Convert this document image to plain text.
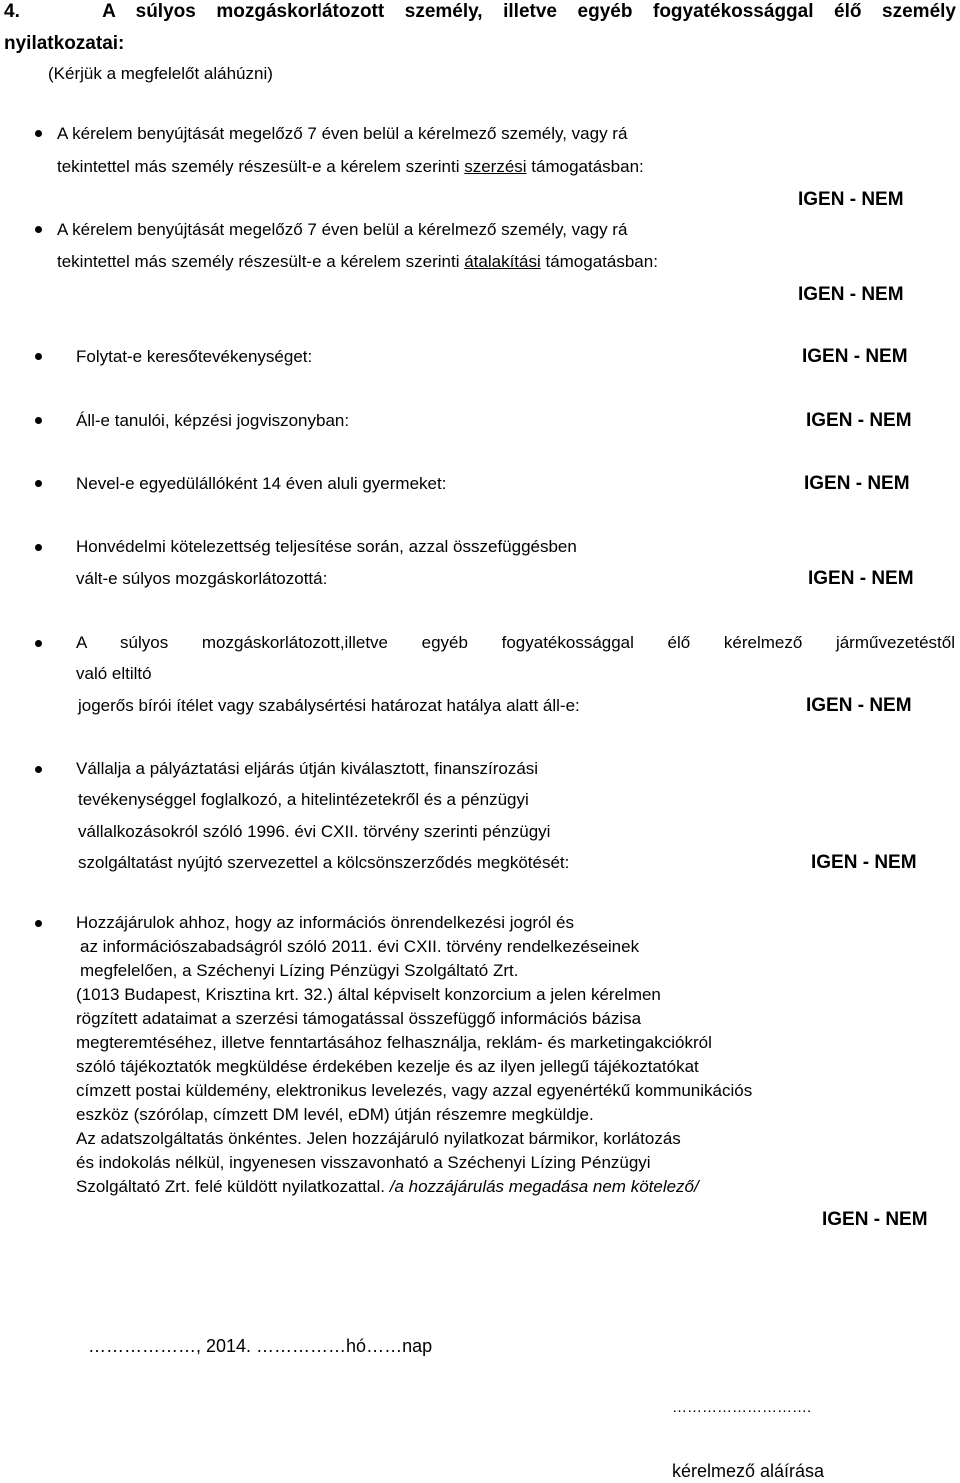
4.	A súlyos mozgáskorlátozott személy, illetve egyéb fogyatékossággal élő személy
nyilatkozatai:
(Kérjük a megfelelőt aláhúzni)
A kérelem benyújtását megelőző 7 éven belül a kérelmező személy, vagy rá
tekintettel más személy részesült-e a kérelem szerinti szerzési támogatásban:
IGEN - NEM
A kérelem benyújtását megelőző 7 éven belül a kérelmező személy, vagy rá
tekintettel más személy részesült-e a kérelem szerinti átalakítási támogatásban:
IGEN - NEM
Folytat-e keresőtevékenységet:	IGEN - NEM
Áll-e tanulói, képzési jogviszonyban:	IGEN - NEM
Nevel-e egyedülállóként 14 éven aluli gyermeket:	IGEN - NEM
Honvédelmi kötelezettség teljesítése során, azzal összefüggésben
vált-e súlyos mozgáskorlátozottá:	IGEN - NEM
A súlyos mozgáskorlátozott,illetve egyéb fogyatékossággal élő kérelmező járművezetéstől
való eltiltó
jogerős bírói ítélet vagy szabálysértési határozat hatálya alatt áll-e:	IGEN - NEM
Vállalja a pályáztatási eljárás útján kiválasztott, finanszírozási
tevékenységgel foglalkozó, a hitelintézetekről és a pénzügyi
vállalkozásokról szóló 1996. évi CXII. törvény szerinti pénzügyi
szolgáltatást nyújtó szervezettel a kölcsönszerződés megkötését:	IGEN - NEM
Hozzájárulok ahhoz, hogy az információs önrendelkezési jogról és
az információszabadságról szóló 2011. évi CXII. törvény rendelkezéseinek
megfelelően, a Széchenyi Lízing Pénzügyi Szolgáltató Zrt.
(1013 Budapest, Krisztina krt. 32.) által képviselt konzorcium a jelen kérelmen
rögzített adataimat a szerzési támogatással összefüggő információs bázisa
megteremtéséhez, illetve fenntartásához felhasználja, reklám- és marketingakciókról
szóló tájékoztatók megküldése érdekében kezelje és az ilyen jellegű tájékoztatókat
címzett postai küldemény, elektronikus levelezés, vagy azzal egyenértékű kommunikációs
eszköz (szórólap, címzett DM levél, eDM) útján részemre megküldje.
Az adatszolgáltatás önkéntes. Jelen hozzájáruló nyilatkozat bármikor, korlátozás
és indokolás nélkül, ingyenesen visszavonható a Széchenyi Lízing Pénzügyi
Szolgáltató Zrt. felé küldött nyilatkozattal. /a hozzájárulás megadása nem kötelező/
IGEN - NEM
………………, 2014. ……………hó……nap
……………………….
kérelmező aláírása
